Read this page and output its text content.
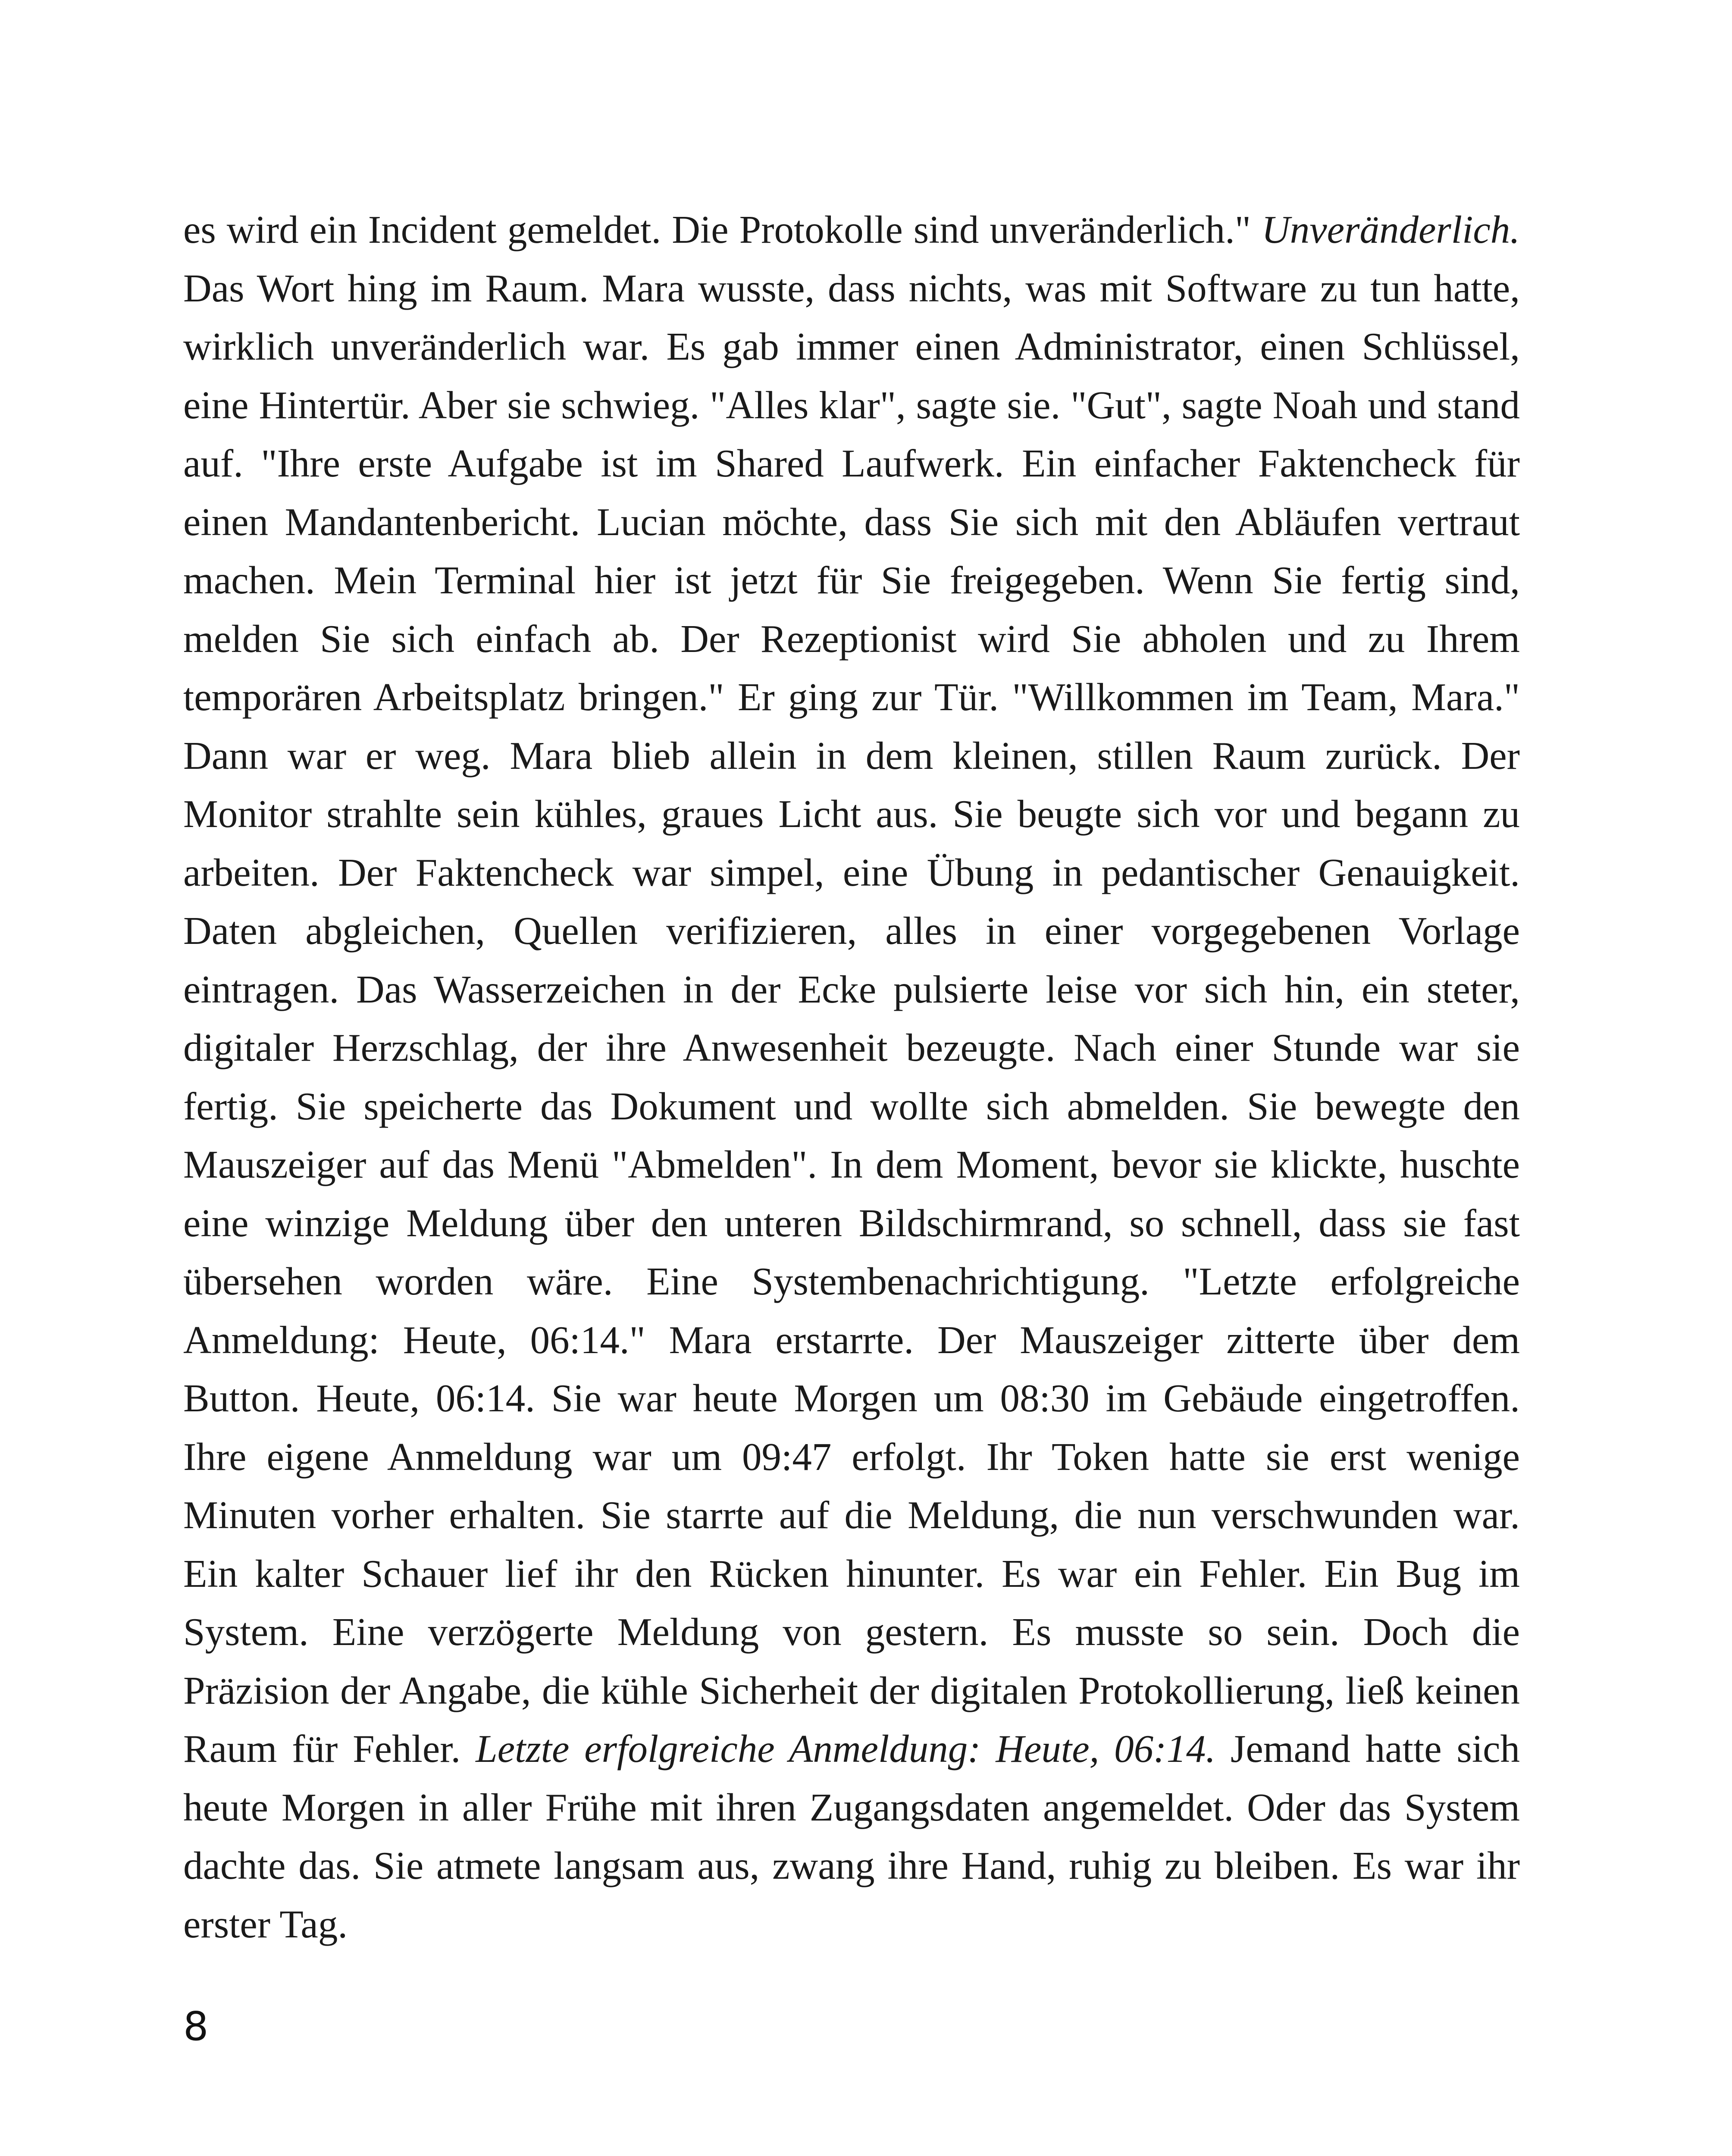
es wird ein Incident gemeldet. Die Protokolle sind unveränderlich." Unveränderlich. Das Wort hing im Raum. Mara wusste, dass nichts, was mit Software zu tun hatte, wirklich unveränderlich war. Es gab immer einen Administrator, einen Schlüssel, eine Hintertür. Aber sie schwieg. "Alles klar", sagte sie. "Gut", sagte Noah und stand auf. "Ihre erste Aufgabe ist im Shared Laufwerk. Ein einfacher Faktencheck für einen Mandantenbericht. Lucian möchte, dass Sie sich mit den Abläufen vertraut machen. Mein Terminal hier ist jetzt für Sie freigegeben. Wenn Sie fertig sind, melden Sie sich einfach ab. Der Rezeptionist wird Sie abholen und zu Ihrem temporären Arbeitsplatz bringen." Er ging zur Tür. "Willkommen im Team, Mara." Dann war er weg. Mara blieb allein in dem kleinen, stillen Raum zurück. Der Monitor strahlte sein kühles, graues Licht aus. Sie beugte sich vor und begann zu arbeiten. Der Faktencheck war simpel, eine Übung in pedantischer Genauigkeit. Daten abgleichen, Quellen verifizieren, alles in einer vorgegebenen Vorlage eintragen. Das Wasserzeichen in der Ecke pulsierte leise vor sich hin, ein steter, digitaler Herzschlag, der ihre Anwesenheit bezeugte. Nach einer Stunde war sie fertig. Sie speicherte das Dokument und wollte sich abmelden. Sie bewegte den Mauszeiger auf das Menü "Abmelden". In dem Moment, bevor sie klickte, huschte eine winzige Meldung über den unteren Bildschirmrand, so schnell, dass sie fast übersehen worden wäre. Eine Systembenachrichtigung. "Letzte erfolgreiche Anmeldung: Heute, 06:14." Mara erstarrte. Der Mauszeiger zitterte über dem Button. Heute, 06:14. Sie war heute Morgen um 08:30 im Gebäude eingetroffen. Ihre eigene Anmeldung war um 09:47 erfolgt. Ihr Token hatte sie erst wenige Minuten vorher erhalten. Sie starrte auf die Meldung, die nun verschwunden war. Ein kalter Schauer lief ihr den Rücken hinunter. Es war ein Fehler. Ein Bug im System. Eine verzögerte Meldung von gestern. Es musste so sein. Doch die Präzision der Angabe, die kühle Sicherheit der digitalen Protokollierung, ließ keinen Raum für Fehler. Letzte erfolgreiche Anmeldung: Heute, 06:14. Jemand hatte sich heute Morgen in aller Frühe mit ihren Zugangsdaten angemeldet. Oder das System dachte das. Sie atmete langsam aus, zwang ihre Hand, ruhig zu bleiben. Es war ihr erster Tag.

8
